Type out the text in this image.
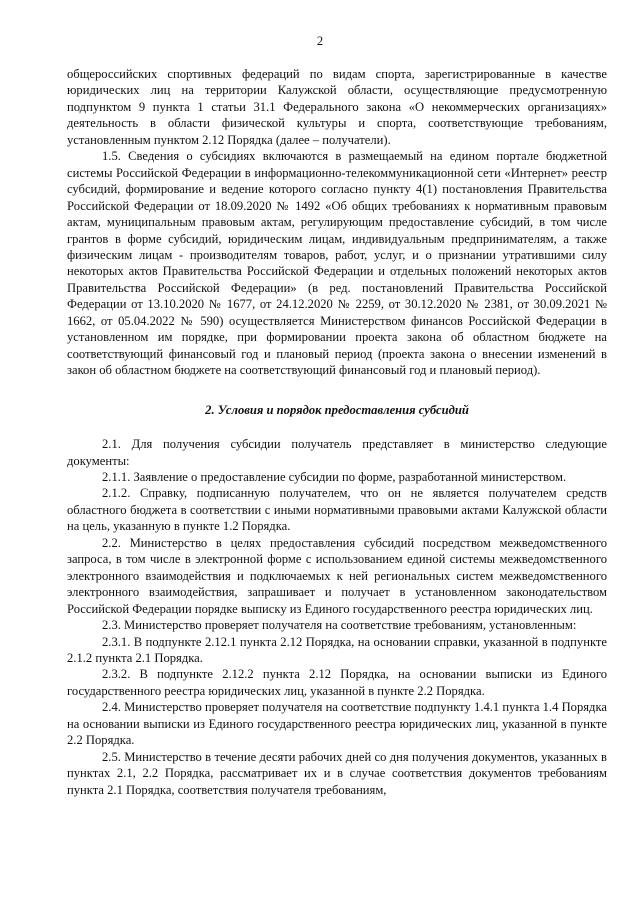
2

общероссийских спортивных федераций по видам спорта, зарегистрированные в качестве юридических лиц на территории Калужской области, осуществляющие предусмотренную подпунктом 9 пункта 1 статьи 31.1 Федерального закона «О некоммерческих организациях» деятельность в области физической культуры и спорта, соответствующие требованиям, установленным пунктом 2.12 Порядка (далее – получатели).

1.5. Сведения о субсидиях включаются в размещаемый на едином портале бюджетной системы Российской Федерации в информационно-телекоммуникационной сети «Интернет» реестр субсидий, формирование и ведение которого согласно пункту 4(1) постановления Правительства Российской Федерации от 18.09.2020 № 1492 «Об общих требованиях к нормативным правовым актам, муниципальным правовым актам, регулирующим предоставление субсидий, в том числе грантов в форме субсидий, юридическим лицам, индивидуальным предпринимателям, а также физическим лицам - производителям товаров, работ, услуг, и о признании утратившими силу некоторых актов Правительства Российской Федерации и отдельных положений некоторых актов Правительства Российской Федерации» (в ред. постановлений Правительства Российской Федерации от 13.10.2020 № 1677, от 24.12.2020 № 2259, от 30.12.2020 № 2381, от 30.09.2021 № 1662, от 05.04.2022 № 590) осуществляется Министерством финансов Российской Федерации в установленном им порядке, при формировании проекта закона об областном бюджете на соответствующий финансовый год и плановый период (проекта закона о внесении изменений в закон об областном бюджете на соответствующий финансовый год и плановый период).

2. Условия и порядок предоставления субсидий

2.1. Для получения субсидии получатель представляет в министерство следующие документы:

2.1.1. Заявление о предоставление субсидии по форме, разработанной министерством.

2.1.2. Справку, подписанную получателем, что он не является получателем средств областного бюджета в соответствии с иными нормативными правовыми актами Калужской области на цель, указанную в пункте 1.2 Порядка.

2.2. Министерство в целях предоставления субсидий посредством межведомственного запроса, в том числе в электронной форме с использованием единой системы межведомственного электронного взаимодействия и подключаемых к ней региональных систем межведомственного электронного взаимодействия, запрашивает и получает в установленном законодательством Российской Федерации порядке выписку из Единого государственного реестра юридических лиц.

2.3. Министерство проверяет получателя на соответствие требованиям, установленным:

2.3.1. В подпункте 2.12.1 пункта 2.12 Порядка, на основании справки, указанной в подпункте 2.1.2 пункта 2.1 Порядка.

2.3.2. В подпункте 2.12.2 пункта 2.12 Порядка, на основании выписки из Единого государственного реестра юридических лиц, указанной в пункте 2.2 Порядка.

2.4. Министерство проверяет получателя на соответствие подпункту 1.4.1 пункта 1.4 Порядка на основании выписки из Единого государственного реестра юридических лиц, указанной в пункте 2.2 Порядка.

2.5. Министерство в течение десяти рабочих дней со дня получения документов, указанных в пунктах 2.1, 2.2 Порядка, рассматривает их и в случае соответствия документов требованиям пункта 2.1 Порядка, соответствия получателя требованиям,
